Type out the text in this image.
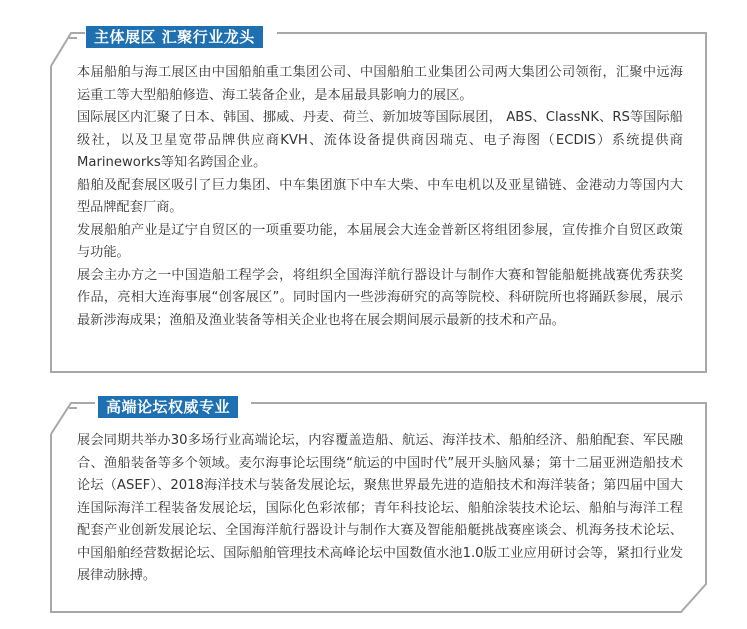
主体展区 汇聚行业龙头

本届船舶与海工展区由中国船舶重工集团公司、中国船舶工业集团公司两大集团公司领衔，汇聚中远海运重工等大型船舶修造、海工装备企业，是本届最具影响力的展区。

国际展区内汇聚了日本、韩国、挪威、丹麦、荷兰、新加坡等国际展团， ABS、ClassNK、RS等国际船级社，以及卫星宽带品牌供应商KVH、流体设备提供商因瑞克、电子海图（ECDIS）系统提供商Marineworks等知名跨国企业。

船舶及配套展区吸引了巨力集团、中车集团旗下中车大柴、中车电机以及亚星锚链、金港动力等国内大型品牌配套厂商。

发展船舶产业是辽宁自贸区的一项重要功能，本届展会大连金普新区将组团参展，宣传推介自贸区政策与功能。

展会主办方之一中国造船工程学会，将组织全国海洋航行器设计与制作大赛和智能船艇挑战赛优秀获奖作品，亮相大连海事展“创客展区”。同时国内一些涉海研究的高等院校、科研院所也将踊跃参展，展示最新涉海成果；渔船及渔业装备等相关企业也将在展会期间展示最新的技术和产品。

高端论坛权威专业

展会同期共举办30多场行业高端论坛，内容覆盖造船、航运、海洋技术、船舶经济、船舶配套、军民融合、渔船装备等多个领域。麦尔海事论坛围绕“航运的中国时代”展开头脑风暴；第十二届亚洲造船技术论坛（ASEF）、2018海洋技术与装备发展论坛，聚焦世界最先进的造船技术和海洋装备；第四届中国大连国际海洋工程装备发展论坛，国际化色彩浓郁；青年科技论坛、船舶涂装技术论坛、船舶与海洋工程配套产业创新发展论坛、全国海洋航行器设计与制作大赛及智能船艇挑战赛座谈会、机海务技术论坛、中国船舶经营数据论坛、国际船舶管理技术高峰论坛中国数值水池1.0版工业应用研讨会等，紧扣行业发展律动脉搏。
